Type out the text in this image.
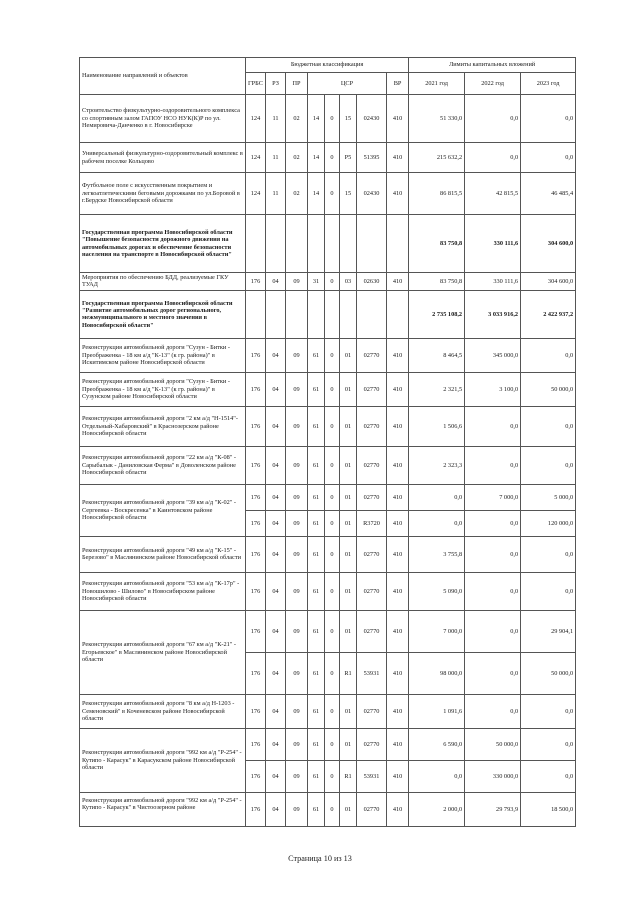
Наименование направлений и объектов	Бюджетная классификация								Лимиты капитальных вложений		
	ГРБС	РЗ	ПР	ЦСР				ВР	2021 год	2022 год	2023 год
Строительство физкультурно-оздоровительного комплекса со спортивным залом ГАПОУ НСО НУК(К)Р по ул. Немировича-Данченко в г. Новосибирске	124	11	02	14	0	15	02430	410	51 330,0	0,0	0,0
Универсальный физкультурно-оздоровительный комплекс в рабочем поселке Кольцово	124	11	02	14	0	P5	51395	410	215 632,2	0,0	0,0
Футбольное поле с искусственным покрытием и легкоатлетическими беговыми дорожками по ул.Боровой в г.Бердске Новосибирской области	124	11	02	14	0	15	02430	410	86 815,5	42 815,5	46 485,4
Государственная программа Новосибирской области "Повышение безопасности дорожного движения на автомобильных дорогах и обеспечение безопасности населения на транспорте в Новосибирской области"									83 750,8	330 111,6	304 600,0
Мероприятия по обеспечению БДД, реализуемые ГКУ ТУАД	176	04	09	31	0	03	02630	410	83 750,8	330 111,6	304 600,0
Государственная программа Новосибирской области "Развитие автомобильных дорог регионального, межмуниципального и местного значения в Новосибирской области"									2 735 108,2	3 033 916,2	2 422 937,2
Реконструкция автомобильной дороги "Сузун - Битки - Преображенка - 18 км а/д "К-13" (к гр. района)" в Искитимском районе Новосибирской области	176	04	09	61	0	01	02770	410	8 464,5	345 000,0	0,0
Реконструкция автомобильной дороги "Сузун - Битки - Преображенка - 18 км а/д "К-13" (к гр. района)" в Сузунском районе Новосибирской области	176	04	09	61	0	01	02770	410	2 321,5	3 100,0	50 000,0
Реконструкция автомобильной дороги "2 км а/д "Н-1514"-Отдельный-Хабаровский" в Краснозерском районе Новосибирской области	176	04	09	61	0	01	02770	410	1 506,6	0,0	0,0
Реконструкция автомобильной дороги "22 км а/д "К-08" - Сарыбалык - Даниловская Ферма" в Доволенском районе Новосибирской области	176	04	09	61	0	01	02770	410	2 323,3	0,0	0,0
Реконструкция автомобильной дороги "39 км а/д "К-02" - Сергеевка - Воскресенка" в Каинтовском районе Новосибирской области	176	04	09	61	0	01	02770	410	0,0	7 000,0	5 000,0
	176	04	09	61	0	01	R3720	410	0,0	0,0	120 000,0
Реконструкция автомобильной дороги "49 км а/д "К-15" - Березово" в Маслянинском районе Новосибирской области	176	04	09	61	0	01	02770	410	3 755,8	0,0	0,0
Реконструкция автомобильной дороги "53 км а/д "К-17р" - Новошилово - Шилово" в Новосибирском районе Новосибирской области	176	04	09	61	0	01	02770	410	5 090,0	0,0	0,0
Реконструкция автомобильной дороги "67 км а/д "К-21" - Егорьевское" в Маслянинском районе Новосибирской области	176	04	09	61	0	01	02770	410	7 000,0	0,0	29 904,1
	176	04	09	61	0	R1	53931	410	98 000,0	0,0	50 000,0
Реконструкция автомобильной дороги "8 км а/д Н-1203 - Семеновский" в Коченевском районе Новосибирской области	176	04	09	61	0	01	02770	410	1 091,6	0,0	0,0
Реконструкция автомобильной дороги "992 км а/д "Р-254" - Кутипо - Карасук" в Карасукском районе Новосибирской области	176	04	09	61	0	01	02770	410	6 590,0	50 000,0	0,0
	176	04	09	61	0	R1	53931	410	0,0	330 000,0	0,0

Реконструкция автомобильной дороги "992 км а/д "Р-254" - Кутипо - Карасук" в Чистоозерном районе	176	04	09	61	0	01	02770	410	2 000,0	29 793,9	18 500,0
Страница 10 из 13
